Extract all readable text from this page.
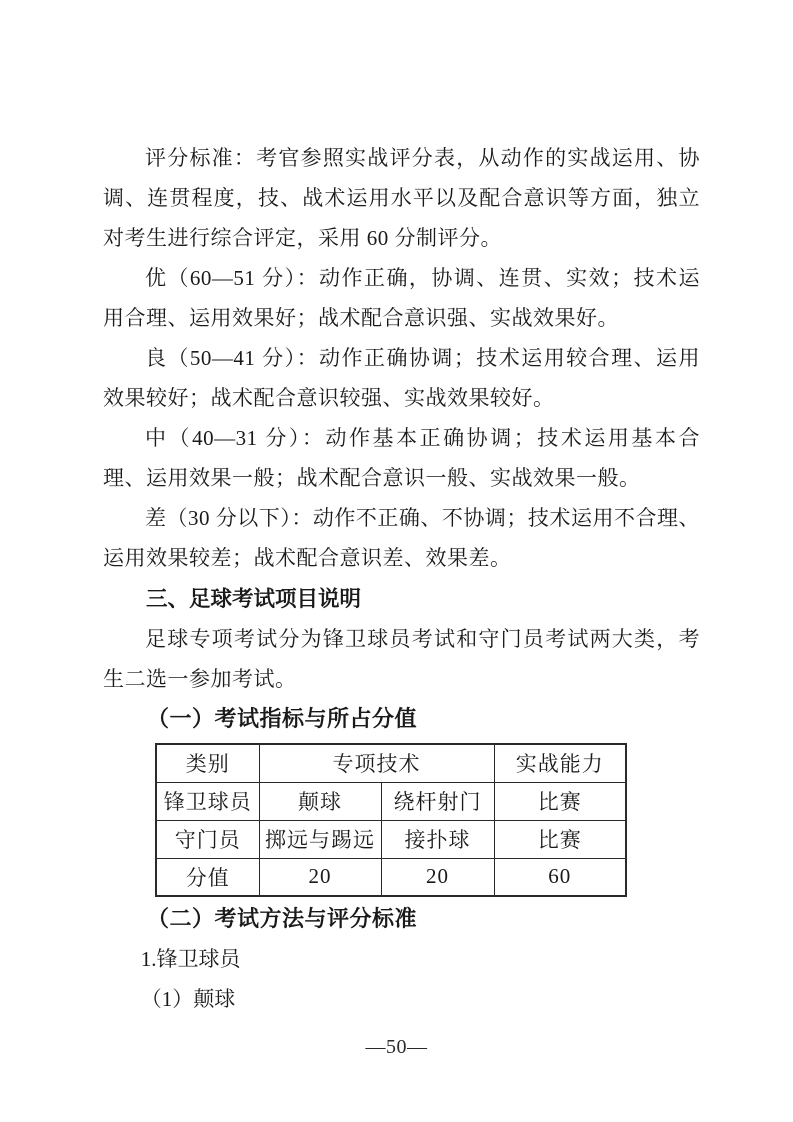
评分标准：考官参照实战评分表，从动作的实战运用、协调、连贯程度，技、战术运用水平以及配合意识等方面，独立对考生进行综合评定，采用 60 分制评分。

优（60—51 分）：动作正确，协调、连贯、实效；技术运用合理、运用效果好；战术配合意识强、实战效果好。

良（50—41 分）：动作正确协调；技术运用较合理、运用效果较好；战术配合意识较强、实战效果较好。

中（40—31 分）：动作基本正确协调；技术运用基本合理、运用效果一般；战术配合意识一般、实战效果一般。

差（30 分以下）：动作不正确、不协调；技术运用不合理、运用效果较差；战术配合意识差、效果差。

三、足球考试项目说明

足球专项考试分为锋卫球员考试和守门员考试两大类，考生二选一参加考试。

（一）考试指标与所占分值
类别	专项技术		实战能力
锋卫球员	颠球	绕杆射门	比赛
守门员	掷远与踢远	接扑球	比赛
分值	20	20	60
（二）考试方法与评分标准

1.锋卫球员

（1）颠球

—50—
